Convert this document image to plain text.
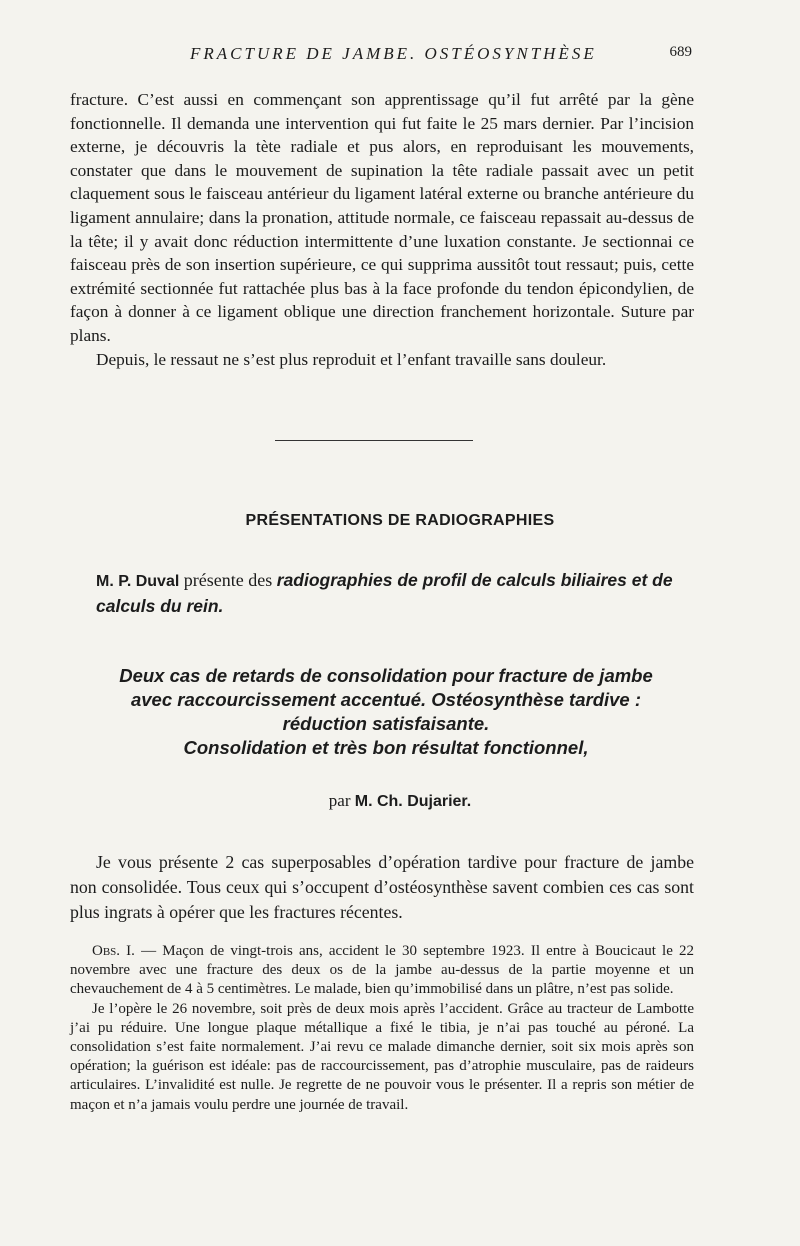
FRACTURE DE JAMBE. OSTÉOSYNTHÈSE	689

fracture. C’est aussi en commençant son apprentissage qu’il fut arrêté par la gène fonctionnelle. Il demanda une intervention qui fut faite le 25 mars dernier. Par l’incision externe, je découvris la tète radiale et pus alors, en reproduisant les mouvements, constater que dans le mouvement de supination la tête radiale passait avec un petit claquement sous le faisceau antérieur du ligament latéral externe ou branche antérieure du ligament annulaire; dans la pronation, attitude normale, ce faisceau repassait au-dessus de la tête; il y avait donc réduction intermittente d’une luxation constante. Je sectionnai ce faisceau près de son insertion supérieure, ce qui supprima aussitôt tout ressaut; puis, cette extrémité sectionnée fut rattachée plus bas à la face profonde du tendon épicondylien, de façon à donner à ce ligament oblique une direction franchement horizontale. Suture par plans.

Depuis, le ressaut ne s’est plus reproduit et l’enfant travaille sans douleur.

PRÉSENTATIONS DE RADIOGRAPHIES
M. P. Duval présente des radiographies de profil de calculs biliaires et de calculs du rein.
Deux cas de retards de consolidation pour fracture de jambe
avec raccourcissement accentué. Ostéosynthèse tardive :
réduction satisfaisante.
Consolidation et très bon résultat fonctionnel,
par M. Ch. Dujarier.

Je vous présente 2 cas superposables d’opération tardive pour fracture de jambe non consolidée. Tous ceux qui s’occupent d’ostéosynthèse savent combien ces cas sont plus ingrats à opérer que les fractures récentes.

Obs. I. — Maçon de vingt-trois ans, accident le 30 septembre 1923. Il entre à Boucicaut le 22 novembre avec une fracture des deux os de la jambe au-dessus de la partie moyenne et un chevauchement de 4 à 5 centimètres. Le malade, bien qu’immobilisé dans un plâtre, n’est pas solide.

Je l’opère le 26 novembre, soit près de deux mois après l’accident. Grâce au tracteur de Lambotte j’ai pu réduire. Une longue plaque métallique a fixé le tibia, je n’ai pas touché au péroné. La consolidation s’est faite normalement. J’ai revu ce malade dimanche dernier, soit six mois après son opération; la guérison est idéale: pas de raccourcissement, pas d’atrophie musculaire, pas de raideurs articulaires. L’invalidité est nulle. Je regrette de ne pouvoir vous le présenter. Il a repris son métier de maçon et n’a jamais voulu perdre une journée de travail.
